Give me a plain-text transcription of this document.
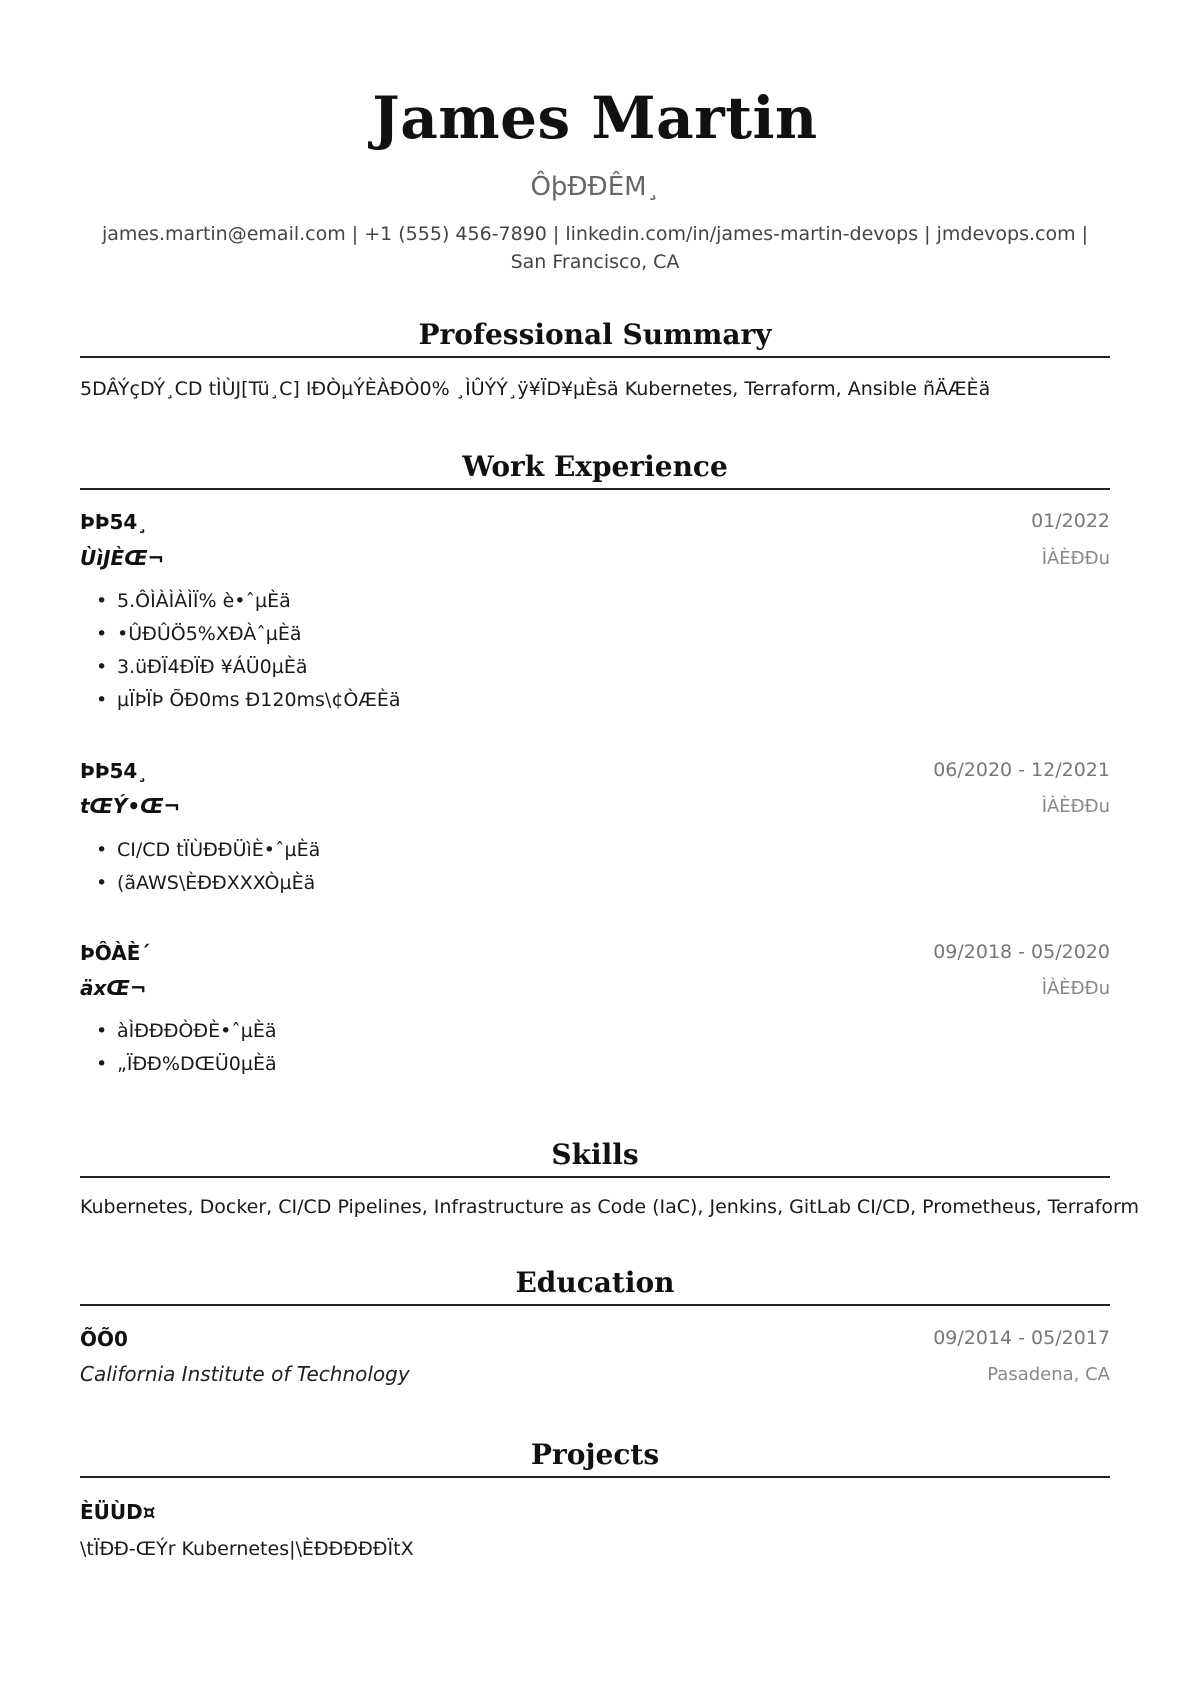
James Martin
ÔþÐÐÊM¸
james.martin@email.com | +1 (555) 456-7890 | linkedin.com/in/james-martin-devops | jmdevops.com | San Francisco, CA
Professional Summary
5DÂÝçDÝ¸CD tÌÙJ[Tü¸C] IÐÒµÝÈÀÐÒ0% ¸ÌÛÝÝ¸ÿ¥ÏD¥µÈsä Kubernetes, Terraform, Ansible ñÄÆÈä
Work Experience
ÞÞ54¸	01/2022
ÙìJÈŒ¬	ÌÀÈÐÐu
• 5.ÔÌÀÌÀÌÏ% è•ˆµÈä
• •ÛÐÛÖ5%XÐÀˆµÈä
• 3.üÐÏ4ÐÏÐ ¥ÁÜ0µÈä
• µÏÞÏÞ ÕÐ0ms Ð120ms\¢ÒÆÈä
ÞÞ54¸	06/2020 - 12/2021
tŒÝ•Œ¬	ÌÀÈÐÐu
• CI/CD tÏÙÐÐÜìÈ•ˆµÈä
• (ãAWS\ÈÐÐXXXÒµÈä
ÞÔÀÈ´	09/2018 - 05/2020
äxŒ¬	ÌÀÈÐÐu
• àÌÐÐÐÒÐÈ•ˆµÈä
• „ÏÐÐ%DŒÜ0µÈä
Skills
Kubernetes, Docker, CI/CD Pipelines, Infrastructure as Code (IaC), Jenkins, GitLab CI/CD, Prometheus, Terraform
Education
ÕÕ0	09/2014 - 05/2017
California Institute of Technology	Pasadena, CA
Projects
ÈÜÙD¤
\tÏÐÐ-ŒÝr Kubernetes|\ÈÐÐÐÐÐÏtX
